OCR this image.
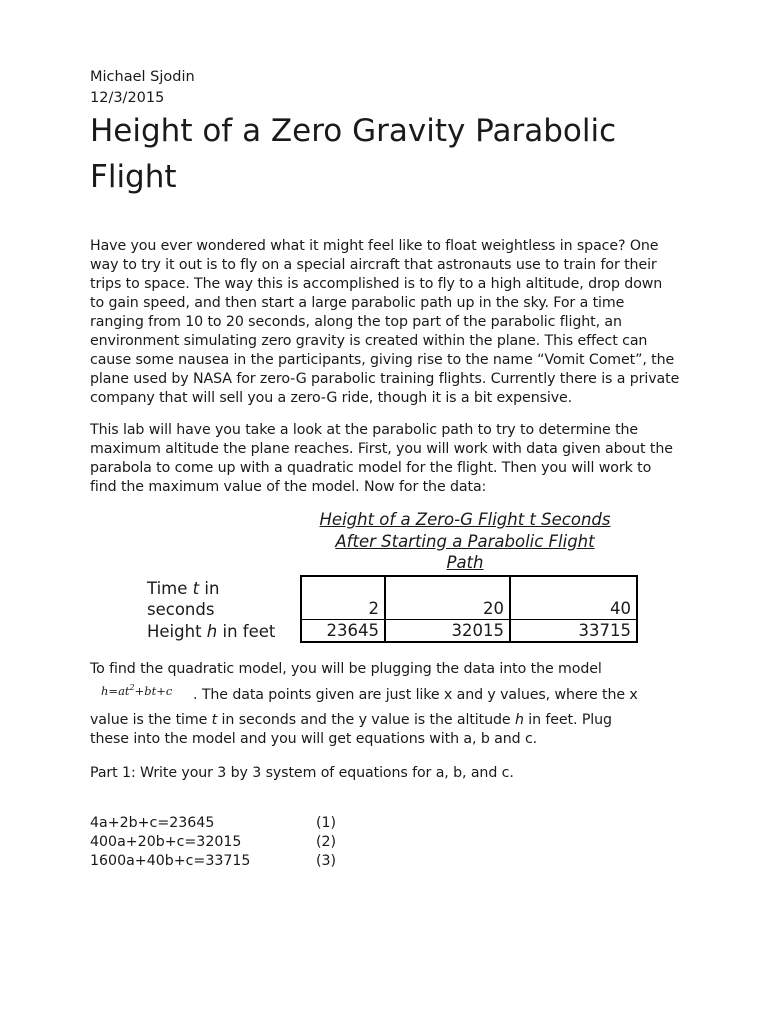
Michael Sjodin
12/3/2015
Height of a Zero Gravity Parabolic
Flight
Have you ever wondered what it might feel like to float weightless in space? One
way to try it out is to fly on a special aircraft that astronauts use to train for their
trips to space. The way this is accomplished is to fly to a high altitude, drop down
to gain speed, and then start a large parabolic path up in the sky. For a time
ranging from 10 to 20 seconds, along the top part of the parabolic flight, an
environment simulating zero gravity is created within the plane. This effect can
cause some nausea in the participants, giving rise to the name “Vomit Comet”, the
plane used by NASA for zero-G parabolic training flights. Currently there is a private
company that will sell you a zero-G ride, though it is a bit expensive.
This lab will have you take a look at the parabolic path to try to determine the
maximum altitude the plane reaches. First, you will work with data given about the
parabola to come up with a quadratic model for the flight. Then you will work to
find the maximum value of the model. Now for the data:
Height of a Zero-G Flight t Seconds
After Starting a Parabolic Flight
Path
Time t in
seconds	2	20	40
Height h in feet	23645	32015	33715
To find the quadratic model, you will be plugging the data into the model
$h=at^2+bt+c$ . The data points given are just like x and y values, where the x
value is the time t in seconds and the y value is the altitude h in feet. Plug
these into the model and you will get equations with a, b and c.
Part 1: Write your 3 by 3 system of equations for a, b, and c.
4a+2b+c=23645	(1)
400a+20b+c=32015	(2)
1600a+40b+c=33715	(3)
